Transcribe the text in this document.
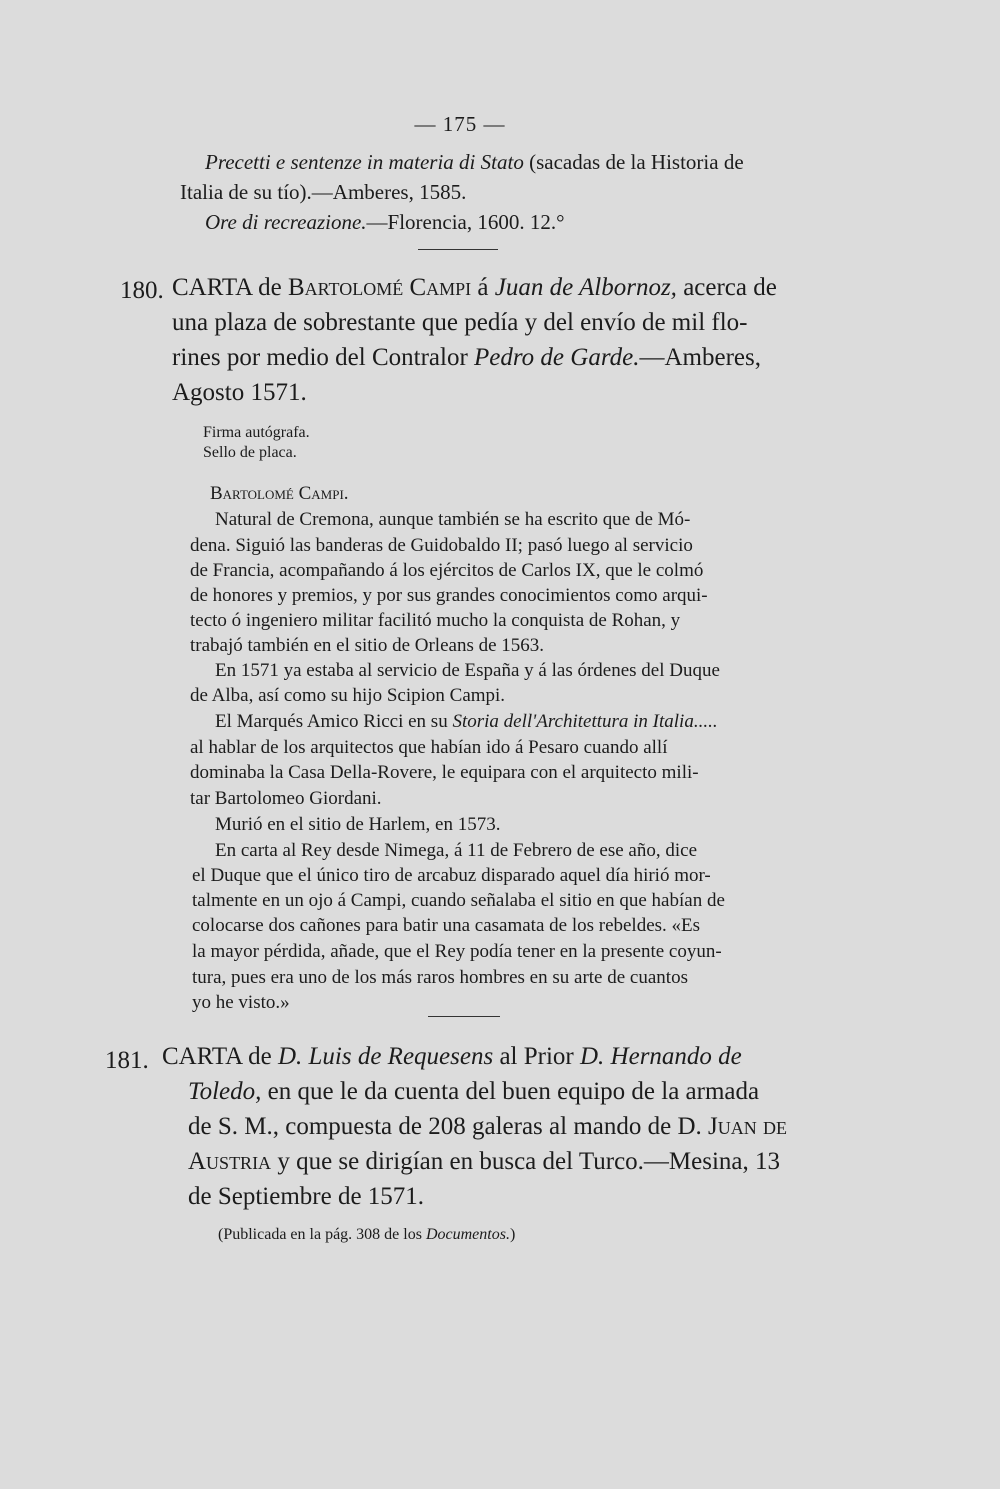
— 175 —
Precetti e sentenze in materia di Stato (sacadas de la Historia de
Italia de su tío).—Amberes, 1585.
Ore di recreazione.—Florencia, 1600. 12.°
180. CARTA de Bartolomé Campi á Juan de Albornoz, acerca de
una plaza de sobrestante que pedía y del envío de mil flo-
rines por medio del Contralor Pedro de Garde.—Amberes,
Agosto 1571.
Firma autógrafa.
Sello de placa.
Bartolomé Campi.
Natural de Cremona, aunque también se ha escrito que de Mó-
dena. Siguió las banderas de Guidobaldo II; pasó luego al servicio
de Francia, acompañando á los ejércitos de Carlos IX, que le colmó
de honores y premios, y por sus grandes conocimientos como arqui-
tecto ó ingeniero militar facilitó mucho la conquista de Rohan, y
trabajó también en el sitio de Orleans de 1563.
En 1571 ya estaba al servicio de España y á las órdenes del Duque
de Alba, así como su hijo Scipion Campi.
El Marqués Amico Ricci en su Storia dell'Architettura in Italia.....
al hablar de los arquitectos que habían ido á Pesaro cuando allí
dominaba la Casa Della-Rovere, le equipara con el arquitecto mili-
tar Bartolomeo Giordani.
Murió en el sitio de Harlem, en 1573.
En carta al Rey desde Nimega, á 11 de Febrero de ese año, dice
el Duque que el único tiro de arcabuz disparado aquel día hirió mor-
talmente en un ojo á Campi, cuando señalaba el sitio en que habían de
colocarse dos cañones para batir una casamata de los rebeldes. «Es
la mayor pérdida, añade, que el Rey podía tener en la presente coyun-
tura, pues era uno de los más raros hombres en su arte de cuantos
yo he visto.»
181. CARTA de D. Luis de Requesens al Prior D. Hernando de
Toledo, en que le da cuenta del buen equipo de la armada
de S. M., compuesta de 208 galeras al mando de D. Juan de
Austria y que se dirigían en busca del Turco.—Mesina, 13
de Septiembre de 1571.
(Publicada en la pág. 308 de los Documentos.)
